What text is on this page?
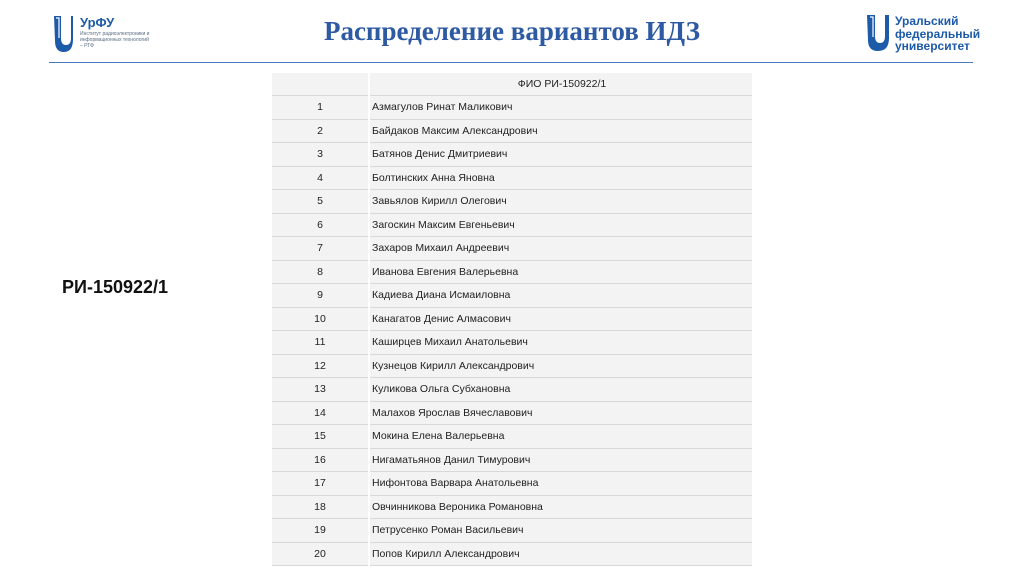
УрФУ
Институт радиоэлектроники и информационных технологий – РТФ	Распределение вариантов ИДЗ	Уральский
федеральный
университет
РИ-150922/1
	ФИО РИ-150922/1
1	Азмагулов Ринат Маликович
2	Байдаков Максим Александрович
3	Батянов Денис Дмитриевич
4	Болтинских Анна Яновна
5	Завьялов Кирилл Олегович
6	Загоскин Максим Евгеньевич
7	Захаров Михаил Андреевич
8	Иванова Евгения Валерьевна
9	Кадиева Диана Исмаиловна
10	Канагатов Денис Алмасович
11	Каширцев Михаил Анатольевич
12	Кузнецов Кирилл Александрович
13	Куликова Ольга Субхановна
14	Малахов Ярослав Вячеславович
15	Мокина Елена Валерьевна
16	Нигаматьянов Данил Тимурович
17	Нифонтова Варвара Анатольевна
18	Овчинникова Вероника Романовна
19	Петрусенко Роман Васильевич
20	Попов Кирилл Александрович
